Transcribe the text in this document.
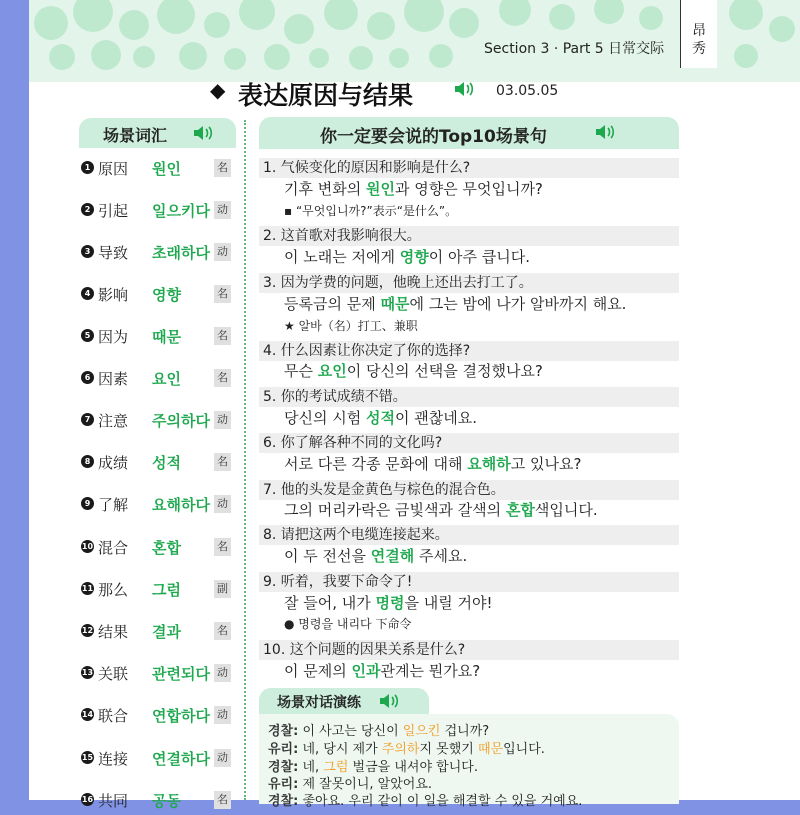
Section 3 · Part 5 日常交际
昂秀
◆ 表达原因与结果	03.05.05
场景词汇
1 原因 원인	名
2 引起 일으키다 动
3 导致 초래하다 动
4 影响 영향	名
5 因为 때문	名
6 因素 요인	名
7 注意 주의하다 动
8 成绩 성적	名
9 了解 요해하다 动
10 混合 혼합	名
11 那么 그럼	副
12 结果 결과	名
13 关联 관련되다 动
14 联合 연합하다 动
15 连接 연결하다 动
16 共同 공동	名
你一定要会说的Top10场景句
1. 气候变化的原因和影响是什么?
기후 변화의 원인과 영향은 무엇입니까?
▪ “무엇입니까?”表示“是什么”。
2. 这首歌对我影响很大。
이 노래는 저에게 영향이 아주 큽니다.
3. 因为学费的问题，他晚上还出去打工了。
등록금의 문제 때문에 그는 밤에 나가 알바까지 해요.
★ 알바（名）打工、兼职
4. 什么因素让你决定了你的选择?
무슨 요인이 당신의 선택을 결정했나요?
5. 你的考试成绩不错。
당신의 시험 성적이 괜찮네요.
6. 你了解各种不同的文化吗?
서로 다른 각종 문화에 대해 요해하고 있나요?
7. 他的头发是金黄色与棕色的混合色。
그의 머리카락은 금빛색과 갈색의 혼합색입니다.
8. 请把这两个电缆连接起来。
이 두 전선을 연결해 주세요.
9. 听着，我要下命令了!
잘 들어, 내가 명령을 내릴 거야!
● 명령을 내리다 下命令
10. 这个问题的因果关系是什么?
이 문제의 인과관계는 뭔가요?
场景对话演练
경찰: 이 사고는 당신이 일으킨 겁니까?
유리: 네, 당시 제가 주의하지 못했기 때문입니다.
경찰: 네, 그럼 벌금을 내셔야 합니다.
유리: 제 잘못이니, 알았어요.
경찰: 좋아요. 우리 같이 이 일을 해결할 수 있을 거예요.
